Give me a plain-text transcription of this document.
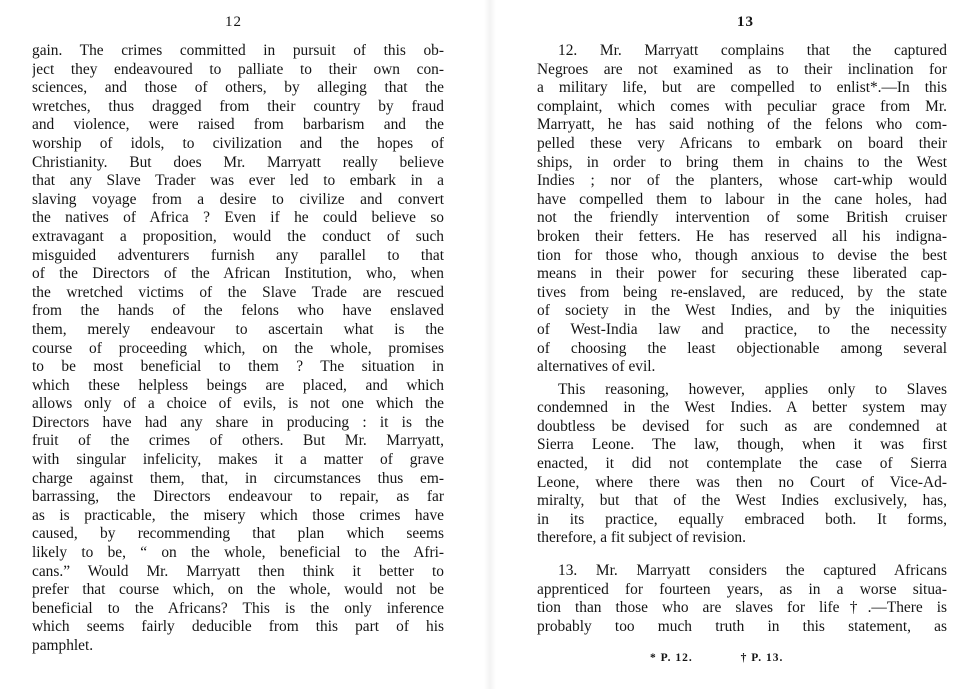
12
gain. The crimes committed in pursuit of this ob-
ject they endeavoured to palliate to their own con-
sciences, and those of others, by alleging that the
wretches, thus dragged from their country by fraud
and violence, were raised from barbarism and the
worship of idols, to civilization and the hopes of
Christianity. But does Mr. Marryatt really believe
that any Slave Trader was ever led to embark in a
slaving voyage from a desire to civilize and convert
the natives of Africa ? Even if he could believe so
extravagant a proposition, would the conduct of such
misguided adventurers furnish any parallel to that
of the Directors of the African Institution, who, when
the wretched victims of the Slave Trade are rescued
from the hands of the felons who have enslaved
them, merely endeavour to ascertain what is the
course of proceeding which, on the whole, promises
to be most beneficial to them ? The situation in
which these helpless beings are placed, and which
allows only of a choice of evils, is not one which the
Directors have had any share in producing : it is the
fruit of the crimes of others. But Mr. Marryatt,
with singular infelicity, makes it a matter of grave
charge against them, that, in circumstances thus em-
barrassing, the Directors endeavour to repair, as far
as is practicable, the misery which those crimes have
caused, by recommending that plan which seems
likely to be, “ on the whole, beneficial to the Afri-
cans.” Would Mr. Marryatt then think it better to
prefer that course which, on the whole, would not be
beneficial to the Africans? This is the only inference
which seems fairly deducible from this part of his
pamphlet.
13
12. Mr. Marryatt complains that the captured
Negroes are not examined as to their inclination for
a military life, but are compelled to enlist*.—In this
complaint, which comes with peculiar grace from Mr.
Marryatt, he has said nothing of the felons who com-
pelled these very Africans to embark on board their
ships, in order to bring them in chains to the West
Indies ; nor of the planters, whose cart-whip would
have compelled them to labour in the cane holes, had
not the friendly intervention of some British cruiser
broken their fetters. He has reserved all his indigna-
tion for those who, though anxious to devise the best
means in their power for securing these liberated cap-
tives from being re-enslaved, are reduced, by the state
of society in the West Indies, and by the iniquities
of West-India law and practice, to the necessity
of choosing the least objectionable among several
alternatives of evil.
This reasoning, however, applies only to Slaves
condemned in the West Indies. A better system may
doubtless be devised for such as are condemned at
Sierra Leone. The law, though, when it was first
enacted, it did not contemplate the case of Sierra
Leone, where there was then no Court of Vice-Ad-
miralty, but that of the West Indies exclusively, has,
in its practice, equally embraced both. It forms,
therefore, a fit subject of revision.
13. Mr. Marryatt considers the captured Africans
apprenticed for fourteen years, as in a worse situa-
tion than those who are slaves for life†.—There is
probably too much truth in this statement, as
* P. 12.	† P. 13.
